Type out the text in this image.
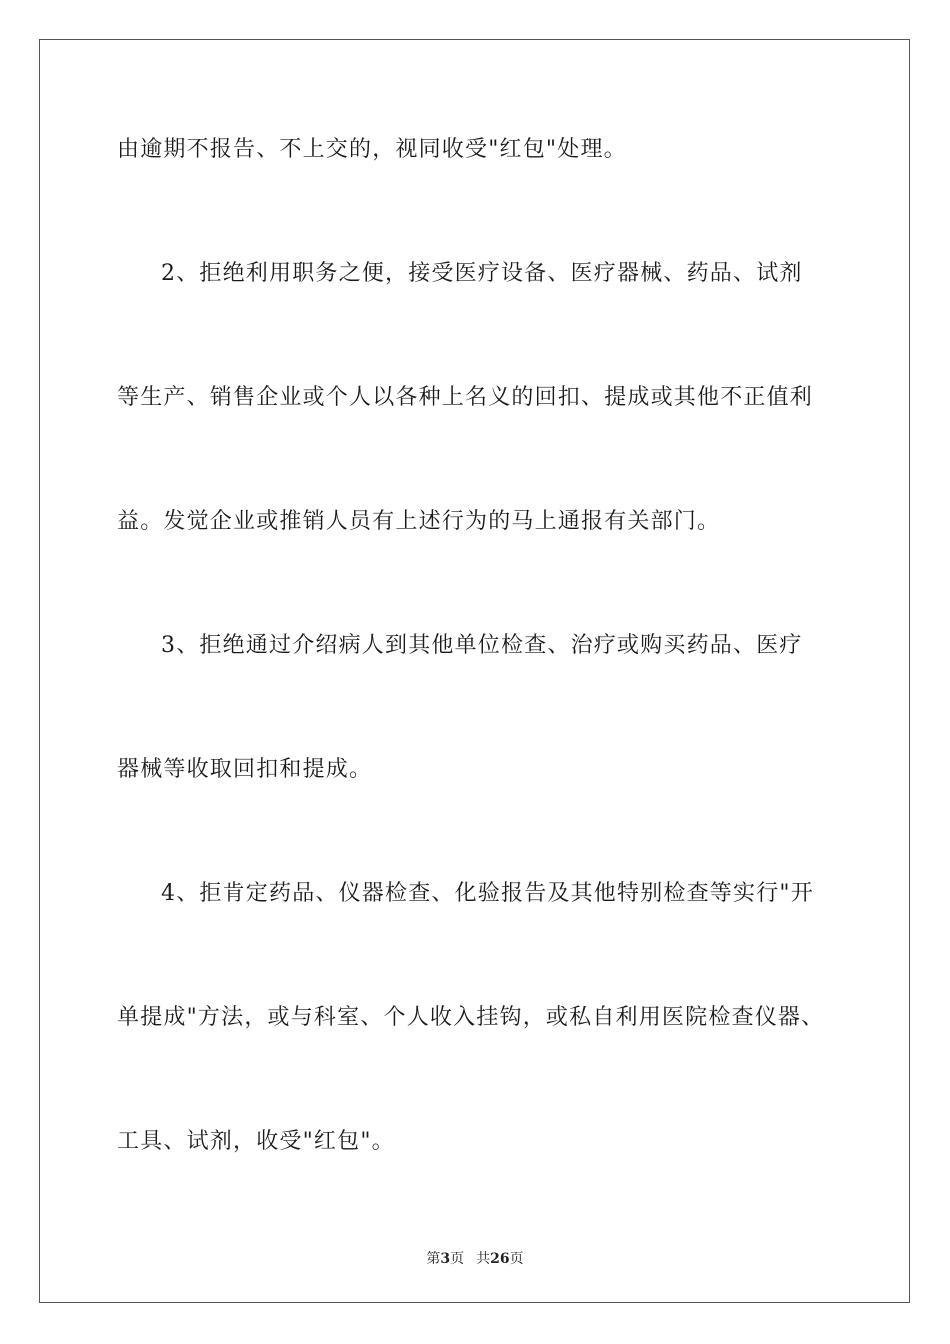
由逾期不报告、不上交的，视同收受"红包"处理。
2、拒绝利用职务之便，接受医疗设备、医疗器械、药品、试剂
等生产、销售企业或个人以各种上名义的回扣、提成或其他不正值利
益。发觉企业或推销人员有上述行为的马上通报有关部门。
3、拒绝通过介绍病人到其他单位检查、治疗或购买药品、医疗
器械等收取回扣和提成。
4、拒肯定药品、仪器检查、化验报告及其他特别检查等实行"开
单提成"方法，或与科室、个人收入挂钩，或私自利用医院检查仪器、
工具、试剂，收受"红包"。
第3页 共26页
